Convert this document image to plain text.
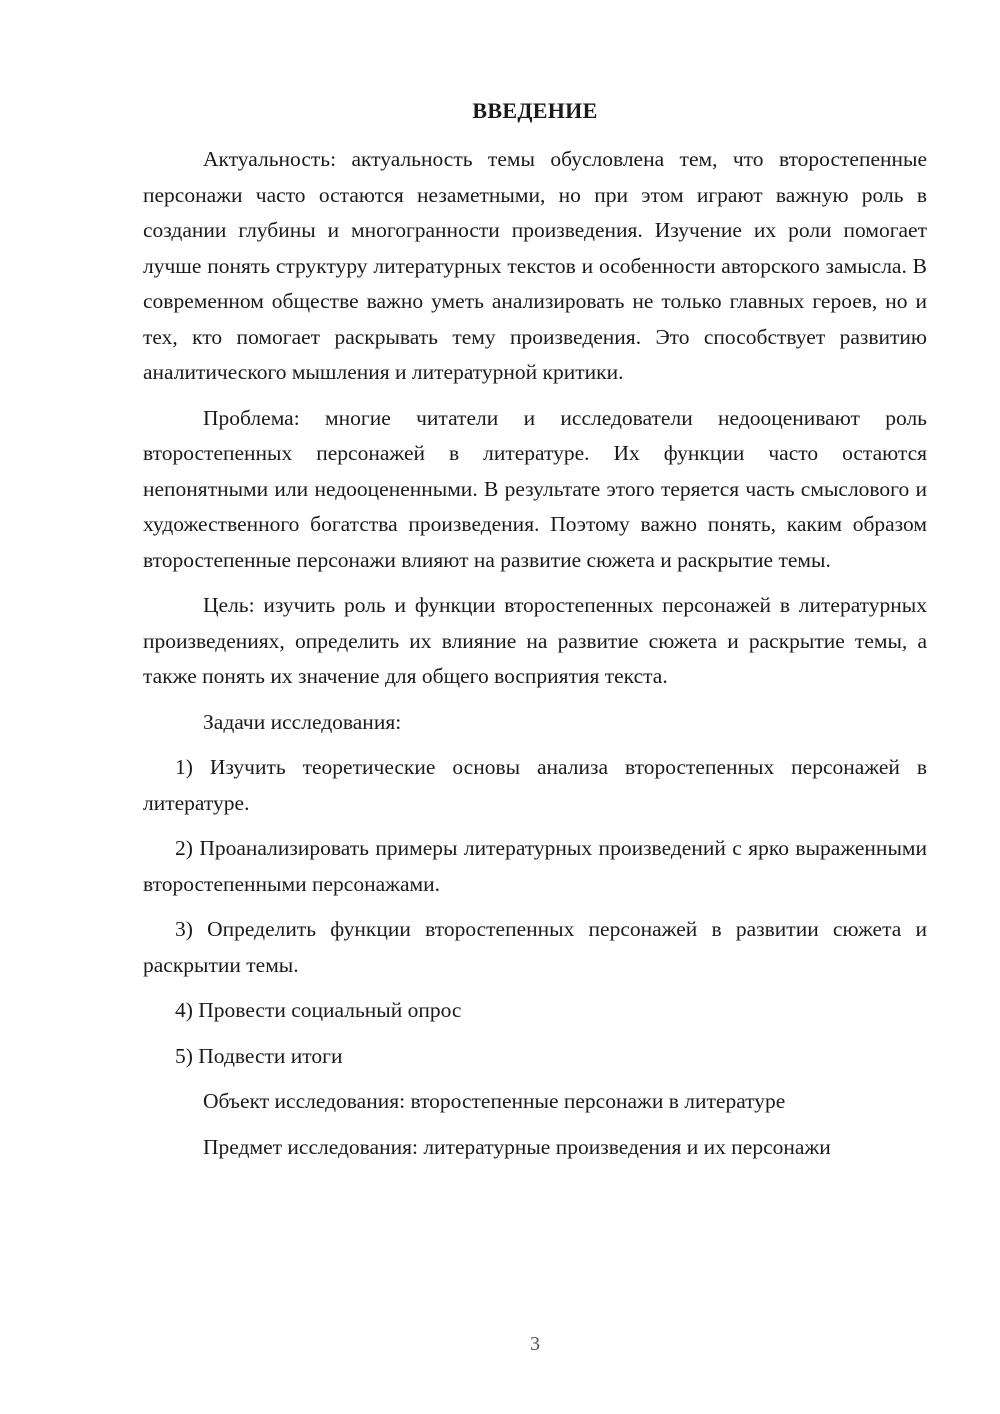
ВВЕДЕНИЕ

Актуальность: актуальность темы обусловлена тем, что второстепенные персонажи часто остаются незаметными, но при этом играют важную роль в создании глубины и многогранности произведения. Изучение их роли помогает лучше понять структуру литературных текстов и особенности авторского замысла. В современном обществе важно уметь анализировать не только главных героев, но и тех, кто помогает раскрывать тему произведения. Это способствует развитию аналитического мышления и литературной критики.

Проблема: многие читатели и исследователи недооценивают роль второстепенных персонажей в литературе. Их функции часто остаются непонятными или недооцененными. В результате этого теряется часть смыслового и художественного богатства произведения. Поэтому важно понять, каким образом второстепенные персонажи влияют на развитие сюжета и раскрытие темы.

Цель: изучить роль и функции второстепенных персонажей в литературных произведениях, определить их влияние на развитие сюжета и раскрытие темы, а также понять их значение для общего восприятия текста.

Задачи исследования:

1) Изучить теоретические основы анализа второстепенных персонажей в литературе.

2) Проанализировать примеры литературных произведений с ярко выраженными второстепенными персонажами.

3) Определить функции второстепенных персонажей в развитии сюжета и раскрытии темы.

4) Провести социальный опрос

5) Подвести итоги

Объект исследования: второстепенные персонажи в литературе

Предмет исследования: литературные произведения и их персонажи

3
